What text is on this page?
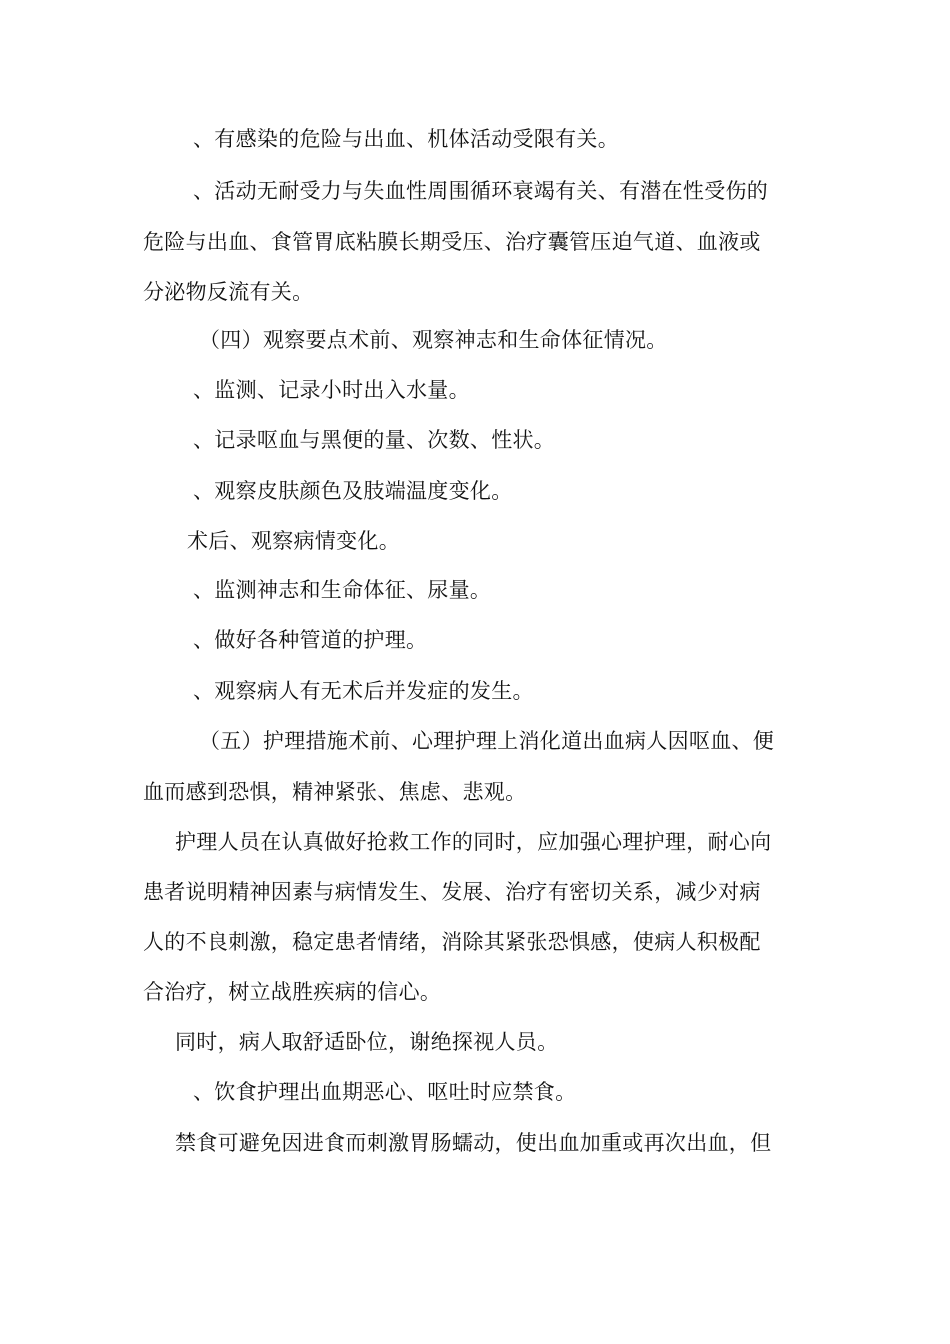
、有感染的危险与出血、机体活动受限有关。
、活动无耐受力与失血性周围循环衰竭有关、有潜在性受伤的
危险与出血、食管胃底粘膜长期受压、治疗囊管压迫气道、血液或
分泌物反流有关。
（四）观察要点术前、观察神志和生命体征情况。
、监测、记录小时出入水量。
、记录呕血与黑便的量、次数、性状。
、观察皮肤颜色及肢端温度变化。
术后、观察病情变化。
、监测神志和生命体征、尿量。
、做好各种管道的护理。
、观察病人有无术后并发症的发生。
（五）护理措施术前、心理护理上消化道出血病人因呕血、便
血而感到恐惧，精神紧张、焦虑、悲观。
护理人员在认真做好抢救工作的同时，应加强心理护理，耐心向
患者说明精神因素与病情发生、发展、治疗有密切关系，减少对病
人的不良刺激，稳定患者情绪，消除其紧张恐惧感，使病人积极配
合治疗，树立战胜疾病的信心。
同时，病人取舒适卧位，谢绝探视人员。
、饮食护理出血期恶心、呕吐时应禁食。
禁食可避免因进食而刺激胃肠蠕动，使出血加重或再次出血，但
